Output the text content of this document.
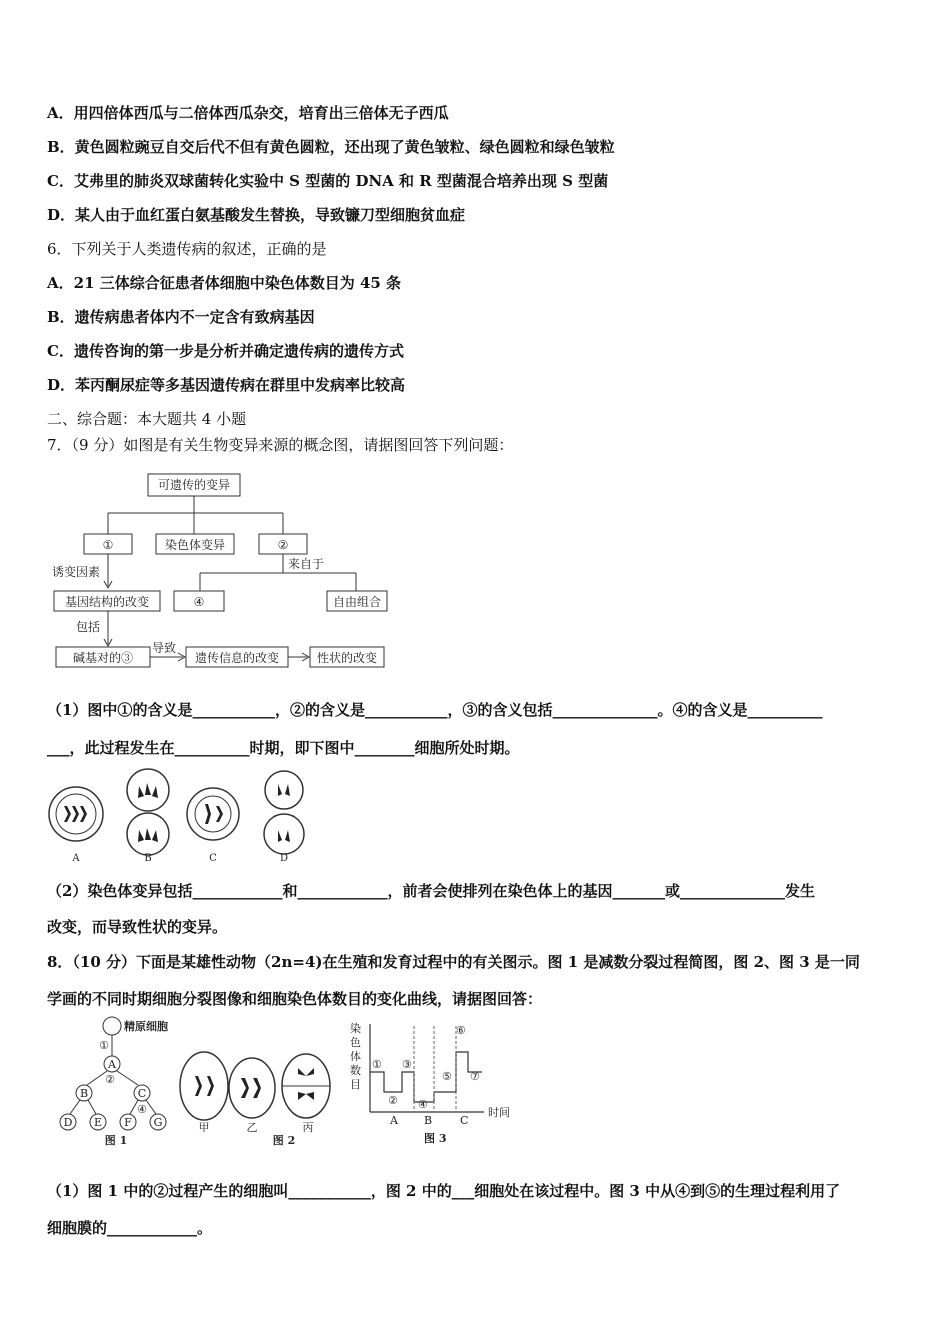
A．用四倍体西瓜与二倍体西瓜杂交，培育出三倍体无子西瓜
B．黄色圆粒豌豆自交后代不但有黄色圆粒，还出现了黄色皱粒、绿色圆粒和绿色皱粒
C．艾弗里的肺炎双球菌转化实验中 S 型菌的 DNA 和 R 型菌混合培养出现 S 型菌
D．某人由于血红蛋白氨基酸发生替换，导致镰刀型细胞贫血症
6．下列关于人类遗传病的叙述，正确的是
A．21 三体综合征患者体细胞中染色体数目为 45 条
B．遗传病患者体内不一定含有致病基因
C．遗传咨询的第一步是分析并确定遗传病的遗传方式
D．苯丙酮尿症等多基因遗传病在群里中发病率比较高
二、综合题：本大题共 4 小题
7．（9 分）如图是有关生物变异来源的概念图，请据图回答下列问题：
可遗传的变异
①	染色体变异	②
来自于
④	自由组合
诱变因素
基因结构的改变
包括
碱基对的③
导致
遗传信息的改变	性状的改变
（1）图中①的含义是___________，②的含义是___________，③的含义包括______________。④的含义是__________
___，此过程发生在__________时期，即下图中________细胞所处时期。
A	B	C	D
（2）染色体变异包括____________和____________，前者会使排列在染色体上的基因_______或______________发生
改变，而导致性状的变异。
8．（10 分）下面是某雄性动物（2n=4)在生殖和发育过程中的有关图示。图 1 是减数分裂过程简图，图 2、图 3 是一同
学画的不同时期细胞分裂图像和细胞染色体数目的变化曲线，请据图回答：
精原细胞
①
A
②
B	C
④
D E F G
图 1
甲	乙
图 2
丙
染
色
体
数
目
时间
①
②
③
④
⑤
⑥
⑦
A B	C
图 3
（1）图 1 中的②过程产生的细胞叫___________，图 2 中的___细胞处在该过程中。图 3 中从④到⑤的生理过程利用了
细胞膜的____________。
